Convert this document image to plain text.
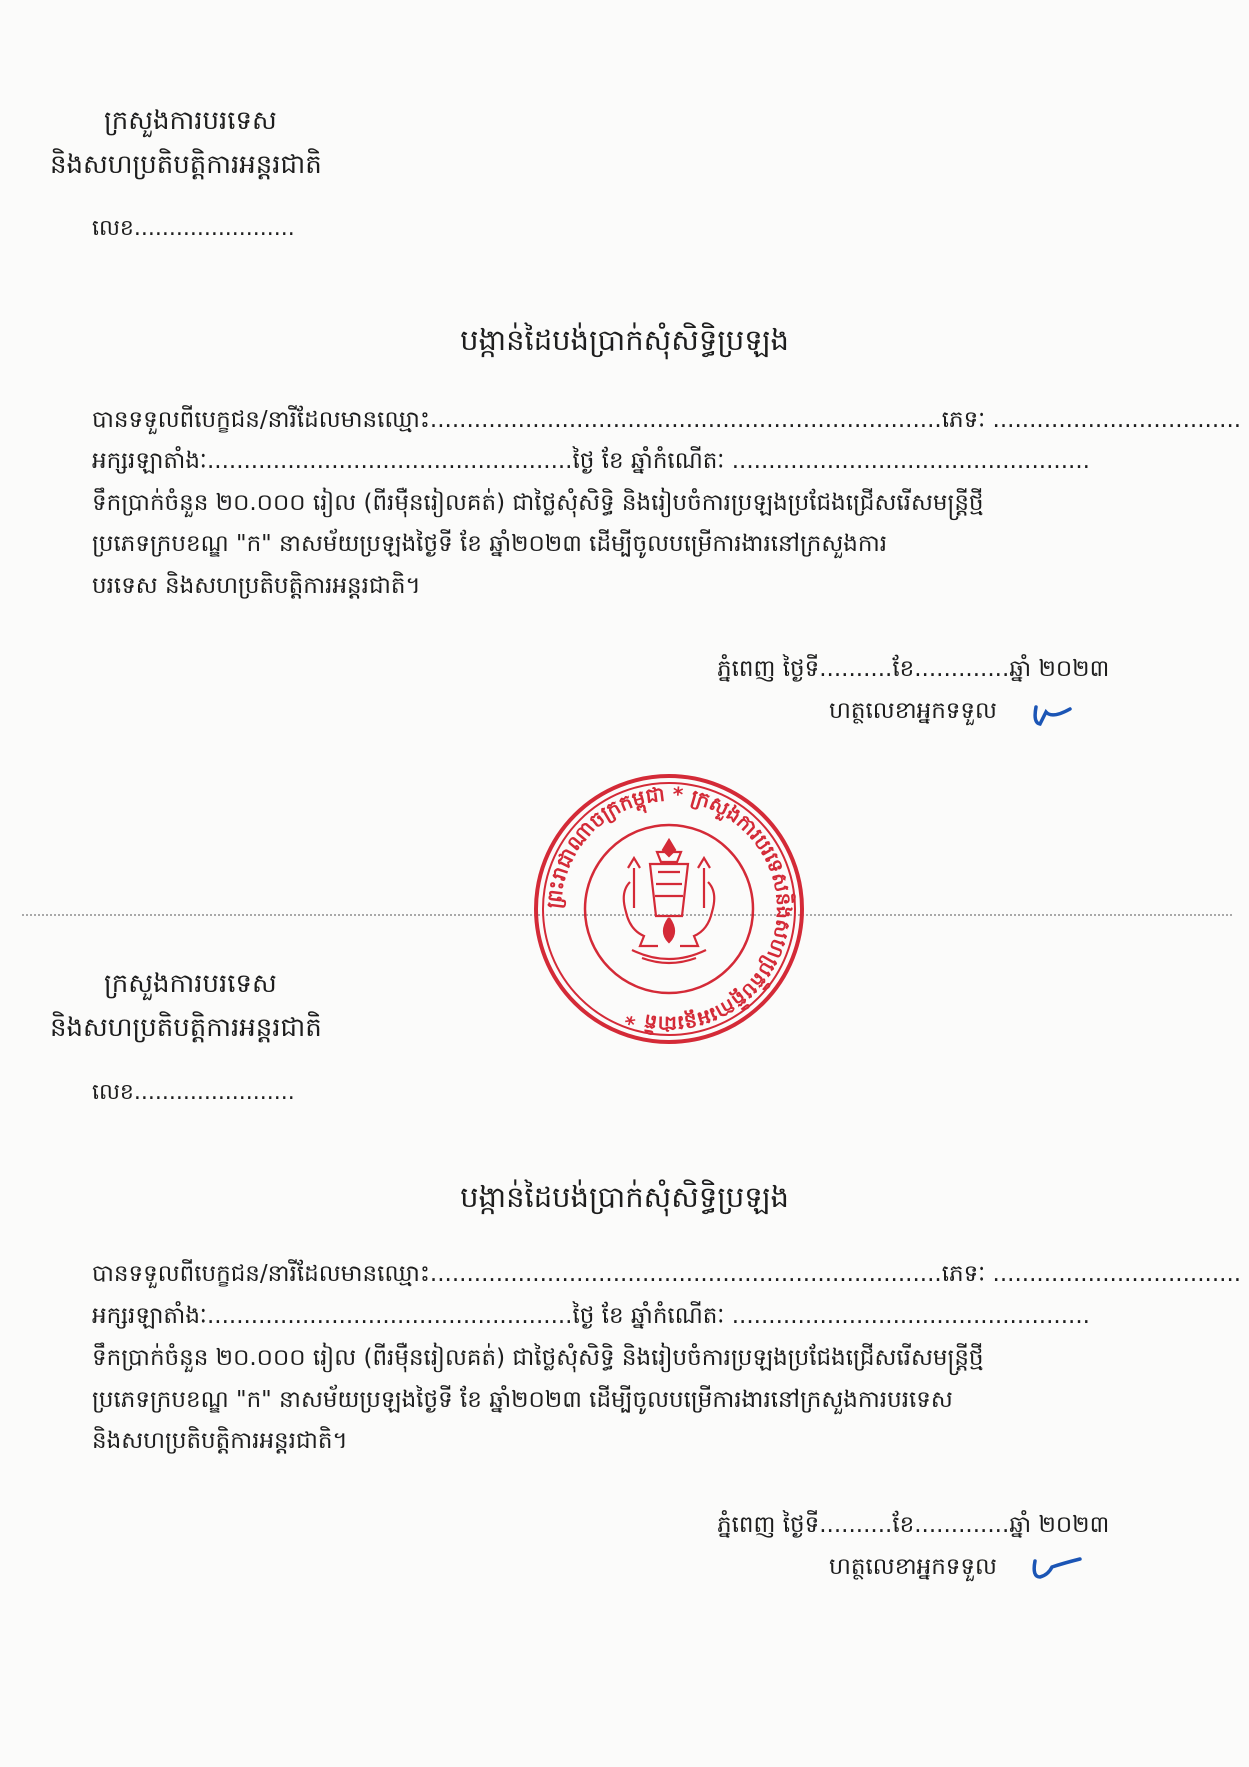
ក្រសួងការបរទេស
និងសហប្រតិបត្តិការអន្តរជាតិ
លេខ.......................
បង្កាន់ដៃបង់ប្រាក់សុំសិទ្ធិប្រឡង
បានទទួលពីបេក្ខជន/នារីដែលមានឈ្មោះ......................................................................ភេទៈ ..................................
អក្សរឡាតាំងៈ..................................................ថ្ងៃ ខែ ឆ្នាំកំណើតៈ .................................................
ទឹកប្រាក់ចំនួន ២០.០០០ រៀល (ពីរម៉ឺនរៀលគត់) ជាថ្លៃសុំសិទ្ធិ និងរៀបចំការប្រឡងប្រជែងជ្រើសរើសមន្ត្រីថ្មី
ប្រភេទក្របខណ្ឌ "ក" នាសម័យប្រឡងថ្ងៃទី ខែ ឆ្នាំ២០២៣ ដើម្បីចូលបម្រើការងារនៅក្រសួងការ
បរទេស និងសហប្រតិបត្តិការអន្តរជាតិ។
ភ្នំពេញ ថ្ងៃទី..........ខែ.............ឆ្នាំ ២០២៣
ហត្ថលេខាអ្នកទទួល
ព្រះរាជាណាចក្រកម្ពុជា * ក្រសួងការបរទេសនិងសហប្រតិបត្តិការអន្តរជាតិ *
ក្រសួងការបរទេស
និងសហប្រតិបត្តិការអន្តរជាតិ
លេខ.......................
បង្កាន់ដៃបង់ប្រាក់សុំសិទ្ធិប្រឡង
បានទទួលពីបេក្ខជន/នារីដែលមានឈ្មោះ......................................................................ភេទៈ ..................................
អក្សរឡាតាំងៈ..................................................ថ្ងៃ ខែ ឆ្នាំកំណើតៈ .................................................
ទឹកប្រាក់ចំនួន ២០.០០០ រៀល (ពីរម៉ឺនរៀលគត់) ជាថ្លៃសុំសិទ្ធិ និងរៀបចំការប្រឡងប្រជែងជ្រើសរើសមន្ត្រីថ្មី
ប្រភេទក្របខណ្ឌ "ក" នាសម័យប្រឡងថ្ងៃទី ខែ ឆ្នាំ២០២៣ ដើម្បីចូលបម្រើការងារនៅក្រសួងការបរទេស
និងសហប្រតិបត្តិការអន្តរជាតិ។
ភ្នំពេញ ថ្ងៃទី..........ខែ.............ឆ្នាំ ២០២៣
ហត្ថលេខាអ្នកទទួល
